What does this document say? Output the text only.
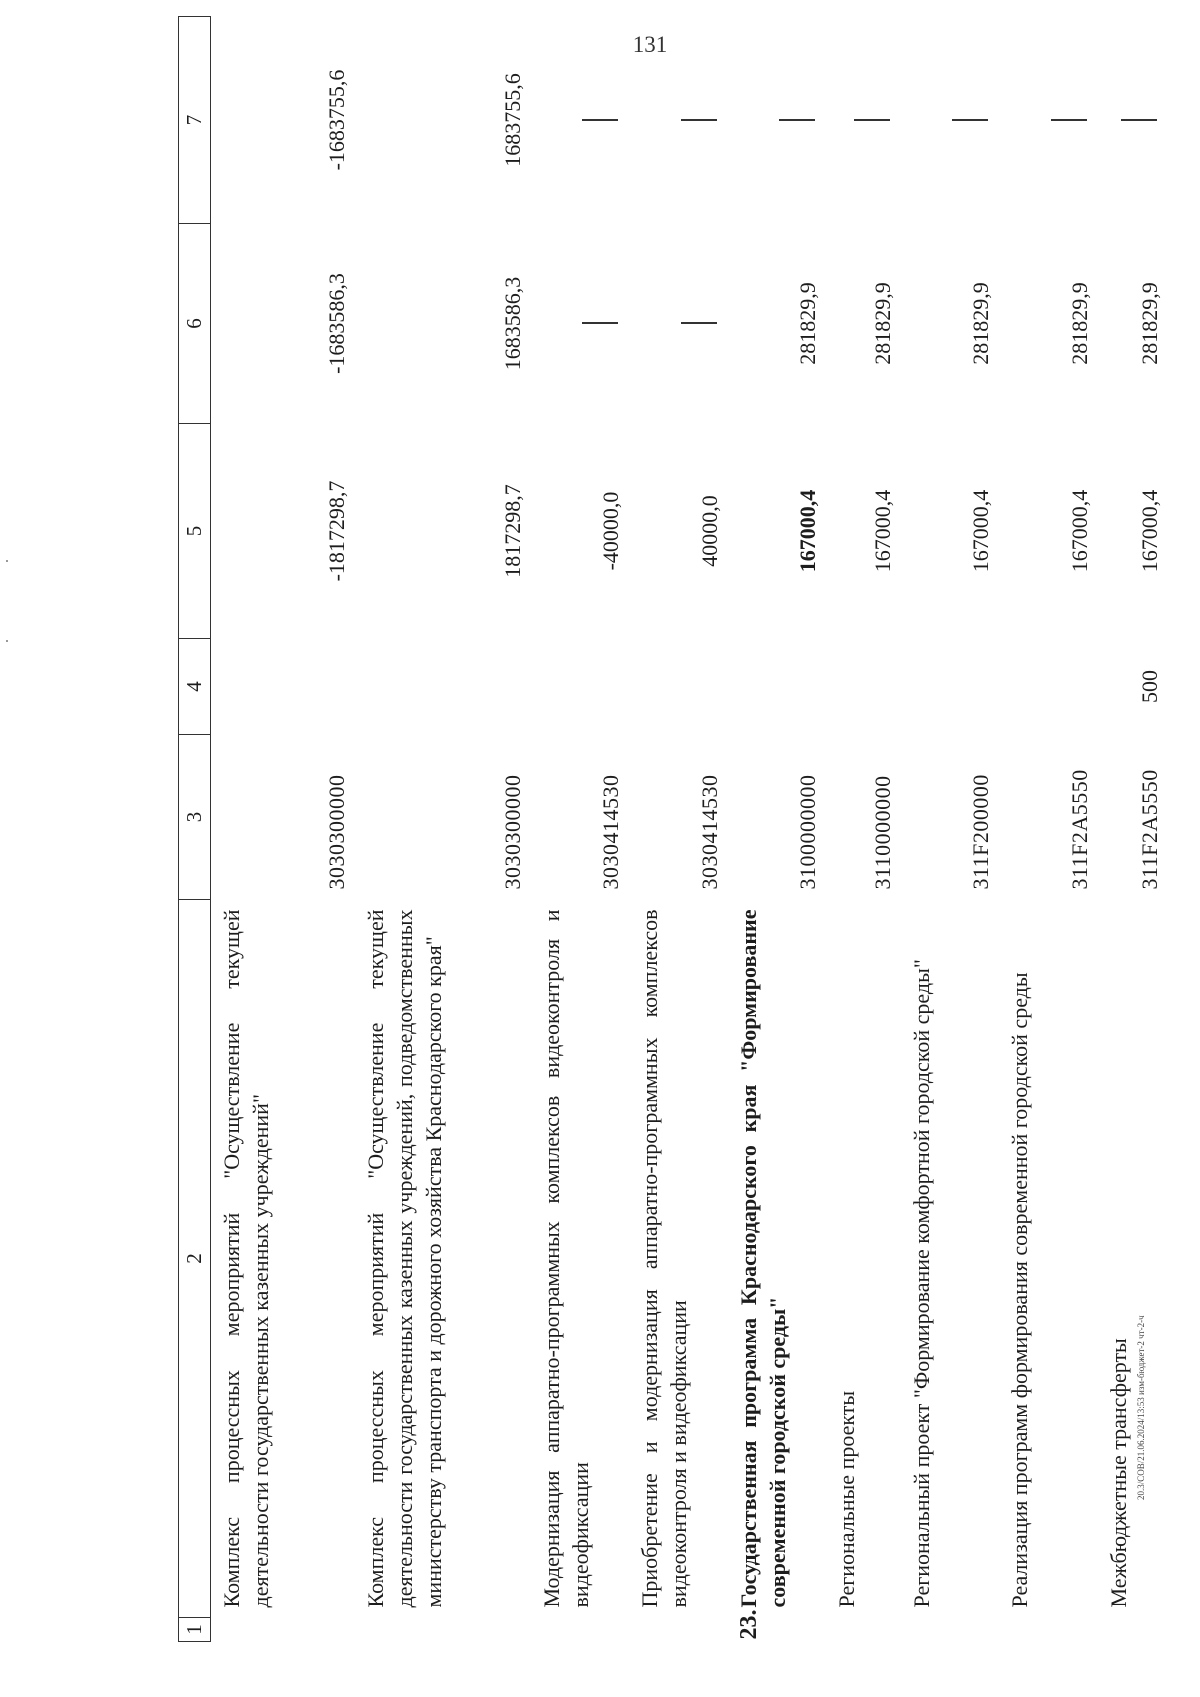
131
1	2	3	4	5	6	7
	Комплекс процессных мероприятий "Осуществление текущей деятельности государственных казенных учреждений"	3030300000		-1817298,7	-1683586,3	-1683755,6
	Комплекс процессных мероприятий "Осуществление текущей деятельности государственных казенных учреждений, подведомственных министерству транспорта и дорожного хозяйства Краснодарского края"	3030300000		1817298,7	1683586,3	1683755,6
	Модернизация аппаратно-программных комплексов видеоконтроля и видеофиксации	3030414530		-40000,0		
	Приобретение и модернизация аппаратно-программных комплексов видеоконтроля и видеофиксации	3030414530		40000,0		
23.	Государственная программа Краснодарского края "Формирование современной городской среды"	3100000000		167000,4	281829,9	
	Региональные проекты	3110000000		167000,4	281829,9	
	Региональный проект "Формирование комфортной городской среды"	311F200000		167000,4	281829,9	
	Реализация программ формирования современной городской среды	311F2A5550		167000,4	281829,9	
	Межбюджетные трансферты	311F2A5550	500	167000,4	281829,9	
20.3/СОВ/21.06.2024/13:53 изм-бюджет-2 чт-2-ч
